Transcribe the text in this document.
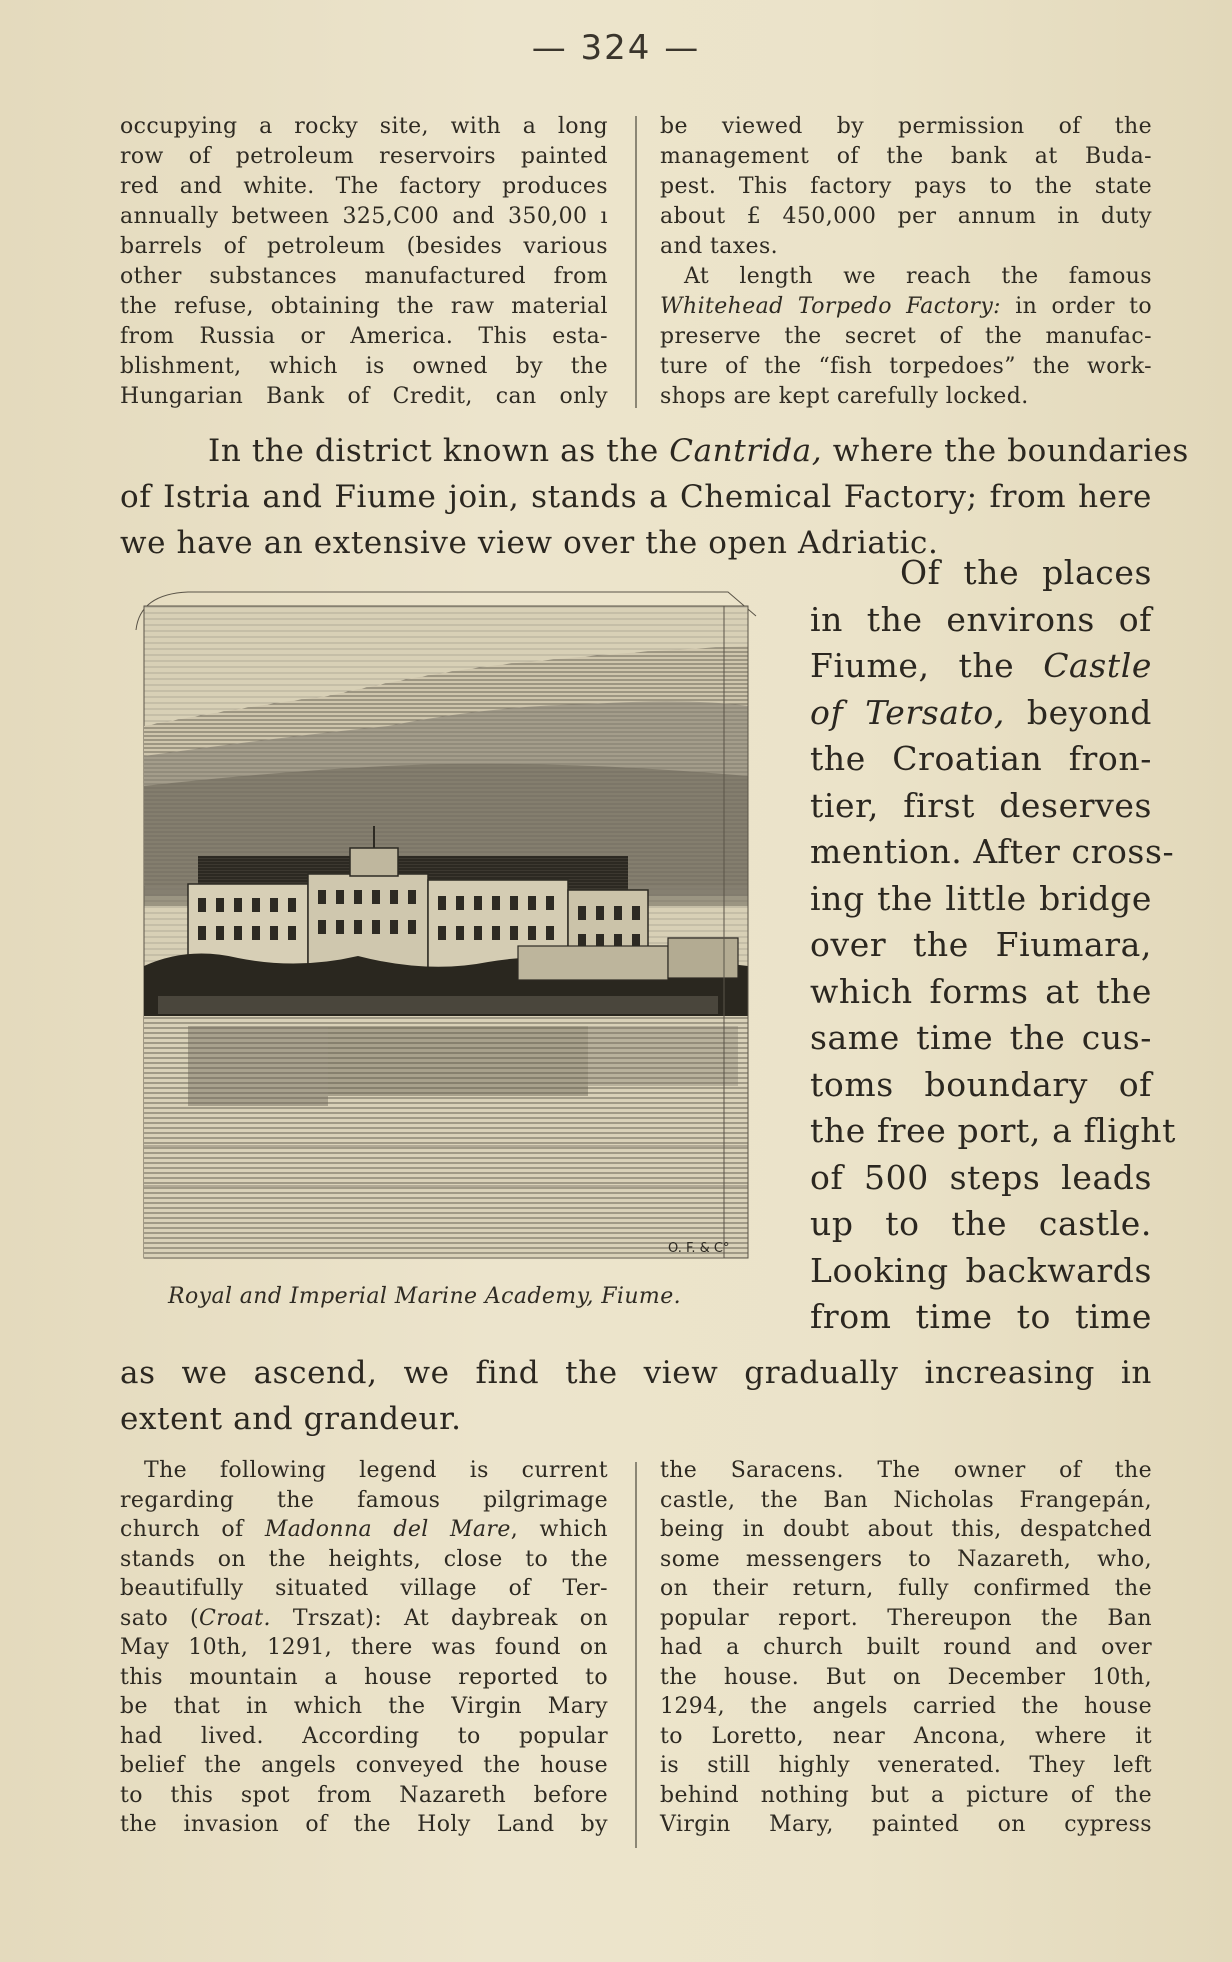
— 324 —
occupying a rocky site, with a long
row of petroleum reservoirs painted
red and white. The factory produces
annually between 325,C00 and 350,00 ı
barrels of petroleum (besides various
other substances manufactured from
the refuse, obtaining the raw material
from Russia or America. This esta-
blishment, which is owned by the
Hungarian Bank of Credit, can only
be viewed by permission of the
management of the bank at Buda-
pest. This factory pays to the state
about £ 450,000 per annum in duty
and taxes.
At length we reach the famous
Whitehead Torpedo Factory: in order to
preserve the secret of the manufac-
ture of the “fish torpedoes” the work-
shops are kept carefully locked.
In the district known as the Cantrida, where the boundaries
of Istria and Fiume join, stands a Chemical Factory; from here
we have an extensive view over the open Adriatic.
O. F. & C°
Royal and Imperial Marine Academy, Fiume.
Of the places
in the environs of
Fiume, the Castle
of Tersato, beyond
the Croatian fron-
tier, first deserves
mention. After cross-
ing the little bridge
over the Fiumara,
which forms at the
same time the cus-
toms boundary of
the free port, a flight
of 500 steps leads
up to the castle.
Looking backwards
from time to time
as we ascend, we find the view gradually increasing in
extent and grandeur.
The following legend is current
regarding the famous pilgrimage
church of Madonna del Mare, which
stands on the heights, close to the
beautifully situated village of Ter-
sato (Croat. Trszat): At daybreak on
May 10th, 1291, there was found on
this mountain a house reported to
be that in which the Virgin Mary
had lived. According to popular
belief the angels conveyed the house
to this spot from Nazareth before
the invasion of the Holy Land by
the Saracens. The owner of the
castle, the Ban Nicholas Frangepán,
being in doubt about this, despatched
some messengers to Nazareth, who,
on their return, fully confirmed the
popular report. Thereupon the Ban
had a church built round and over
the house. But on December 10th,
1294, the angels carried the house
to Loretto, near Ancona, where it
is still highly venerated. They left
behind nothing but a picture of the
Virgin Mary, painted on cypress
